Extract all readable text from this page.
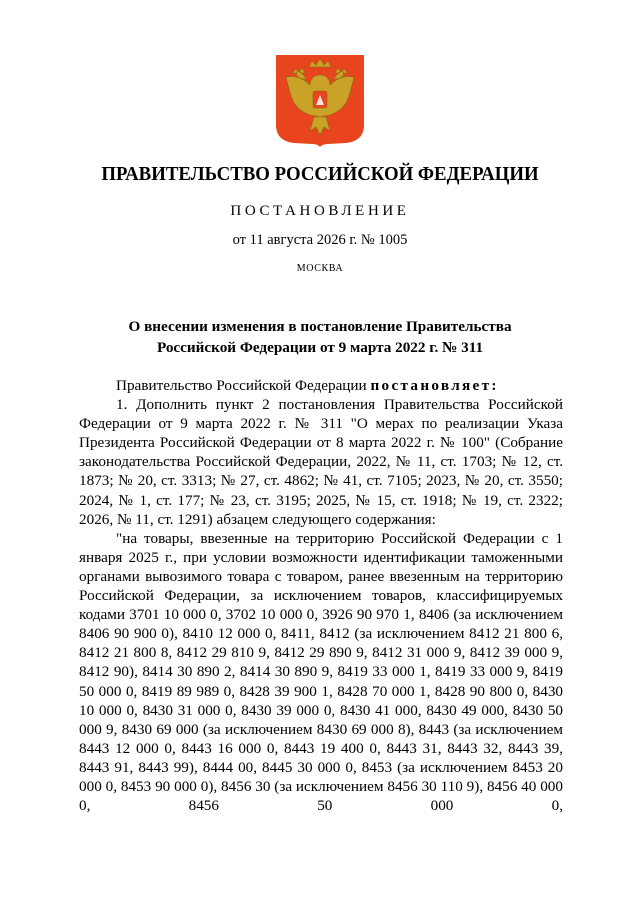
ПРАВИТЕЛЬСТВО РОССИЙСКОЙ ФЕДЕРАЦИИ
ПОСТАНОВЛЕНИЕ
от 11 августа 2026 г. № 1005
МОСКВА
О внесении изменения в постановление Правительства
Российской Федерации от 9 марта 2022 г. № 311

Правительство Российской Федерации постановляет:

1. Дополнить пункт 2 постановления Правительства Российской Федерации от 9 марта 2022 г. № 311 "О мерах по реализации Указа Президента Российской Федерации от 8 марта 2022 г. № 100" (Собрание законодательства Российской Федерации, 2022, № 11, ст. 1703; № 12, ст. 1873; № 20, ст. 3313; № 27, ст. 4862; № 41, ст. 7105; 2023, № 20, ст. 3550; 2024, № 1, ст. 177; № 23, ст. 3195; 2025, № 15, ст. 1918; № 19, ст. 2322; 2026, № 11, ст. 1291) абзацем следующего содержания:

"на товары, ввезенные на территорию Российской Федерации с 1 января 2025 г., при условии возможности идентификации таможенными органами вывозимого товара с товаром, ранее ввезенным на территорию Российской Федерации, за исключением товаров, классифицируемых кодами 3701 10 000 0, 3702 10 000 0, 3926 90 970 1, 8406 (за исключением 8406 90 900 0), 8410 12 000 0, 8411, 8412 (за исключением 8412 21 800 6, 8412 21 800 8, 8412 29 810 9, 8412 29 890 9, 8412 31 000 9, 8412 39 000 9, 8412 90), 8414 30 890 2, 8414 30 890 9, 8419 33 000 1, 8419 33 000 9, 8419 50 000 0, 8419 89 989 0, 8428 39 900 1, 8428 70 000 1, 8428 90 800 0, 8430 10 000 0, 8430 31 000 0, 8430 39 000 0, 8430 41 000, 8430 49 000, 8430 50 000 9, 8430 69 000 (за исключением 8430 69 000 8), 8443 (за исключением 8443 12 000 0, 8443 16 000 0, 8443 19 400 0, 8443 31, 8443 32, 8443 39, 8443 91, 8443 99), 8444 00, 8445 30 000 0, 8453 (за исключением 8453 20 000 0, 8453 90 000 0), 8456 30 (за исключением 8456 30 110 9), 8456 40 000 0, 8456 50 000 0,
